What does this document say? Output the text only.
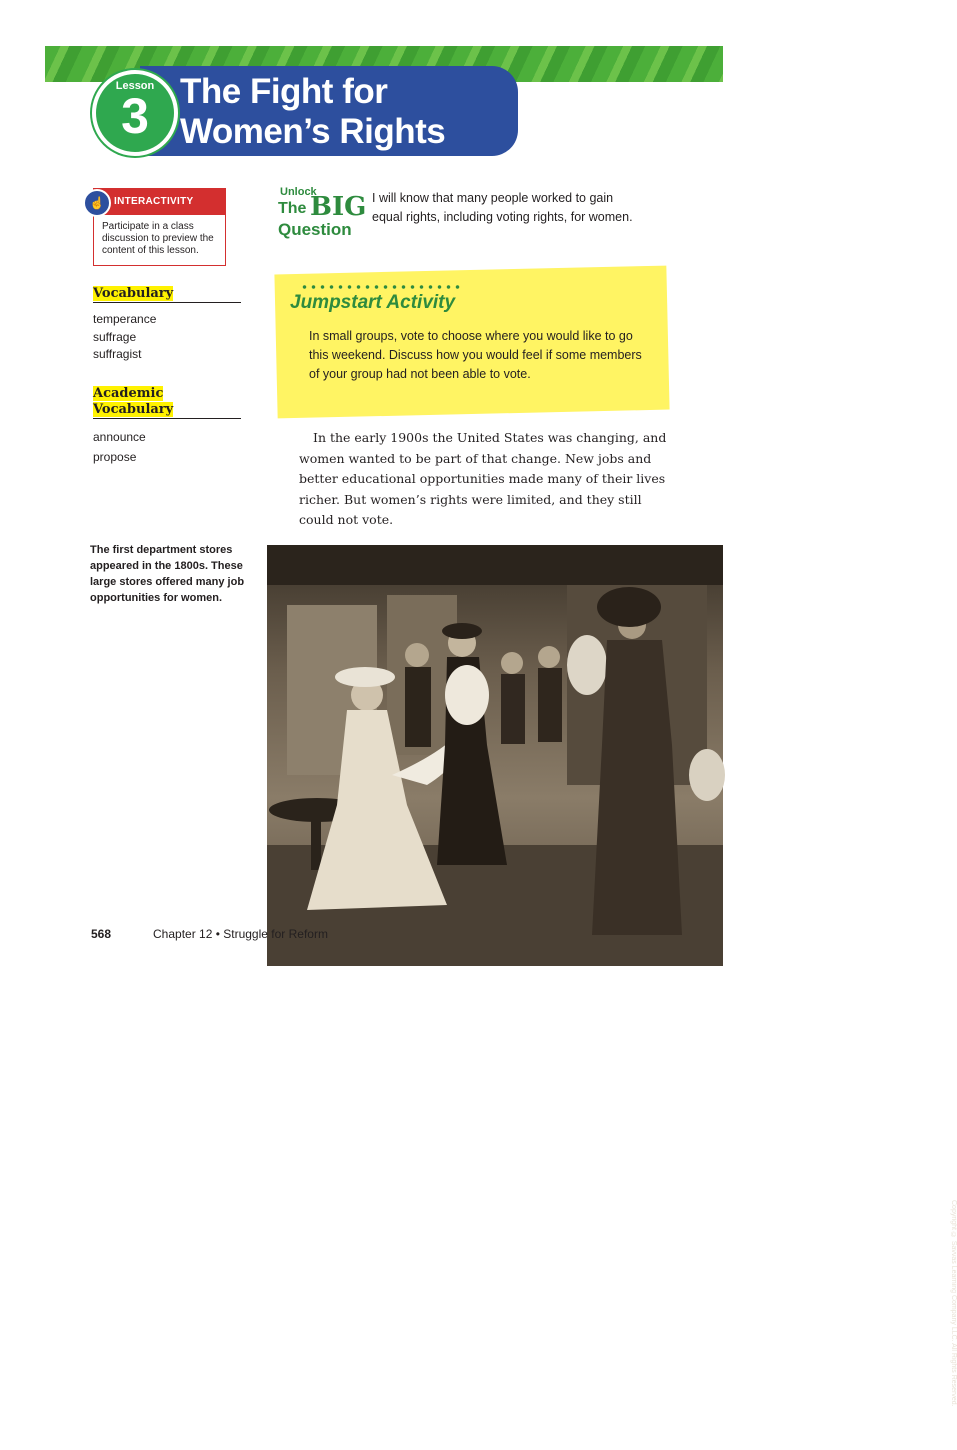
Lesson
3 The Fight for
Women’s Rights
☝ INTERACTIVITY
Participate in a class discussion to preview the content of this lesson.
Vocabulary
temperance
suffrage
suffragist
Academic
Vocabulary
announce
propose
Unlock
The BIG
Question
I will know that many people worked to gain equal rights, including voting rights, for women.
Jumpstart Activity
In small groups, vote to choose where you would like to go this weekend. Discuss how you would feel if some members of your group had not been able to vote.
In the early 1900s the United States was changing, and women wanted to be part of that change. New jobs and better educational opportunities made many of their lives richer. But women’s rights were limited, and they still could not vote.
The first department stores appeared in the 1800s. These large stores offered many job opportunities for women.
Copyright © Savvas Learning Company LLC. All Rights Reserved.
568	Chapter 12 • Struggle for Reform
